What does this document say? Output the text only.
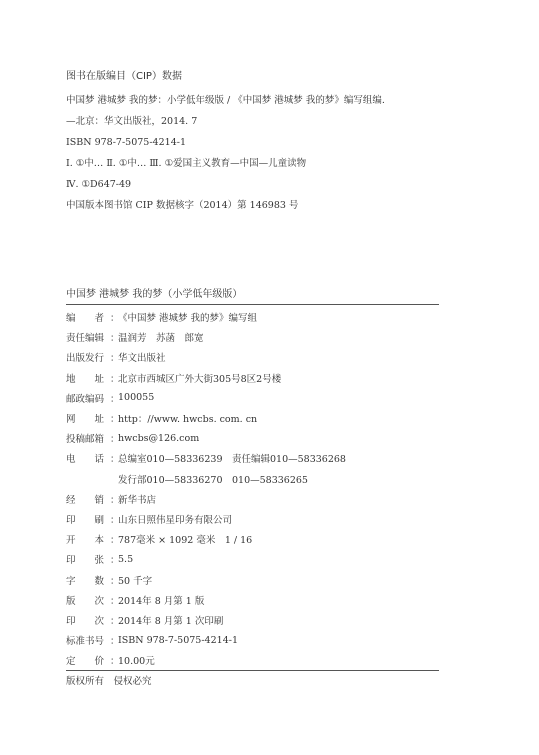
图书在版编目（CIP）数据
中国梦 港城梦 我的梦：小学低年级版 / 《中国梦 港城梦 我的梦》编写组编.
—北京：华文出版社，2014. 7
ISBN 978-7-5075-4214-1
Ⅰ. ①中… Ⅱ. ①中… Ⅲ. ①爱国主义教育—中国—儿童读物
Ⅳ. ①D647-49
中国版本图书馆 CIP 数据核字（2014）第 146983 号
中国梦 港城梦 我的梦（小学低年级版）
编　　者 ：
《中国梦 港城梦 我的梦》编写组
责任编辑 ：
温润芳　苏菡　郎宽
出版发行 ：
华文出版社
地　　址 ：
北京市西城区广外大街305号8区2号楼
邮政编码 ：
100055
网　　址 ：
http：//www. hwcbs. com. cn
投稿邮箱 ：
hwcbs@126.com
电　　话 ：
总编室010—58336239　责任编辑010—58336268
发行部010—58336270　010—58336265
经　　销 ：
新华书店
印　　刷 ：
山东日照伟星印务有限公司
开　　本 ：
787毫米 × 1092 毫米　1 / 16
印　　张 ：
5.5
字　　数 ：
50 千字
版　　次 ：
2014年 8 月第 1 版
印　　次 ：
2014年 8 月第 1 次印刷
标准书号 ：
ISBN 978-7-5075-4214-1
定　　价 ：
10.00元
版权所有　侵权必究
